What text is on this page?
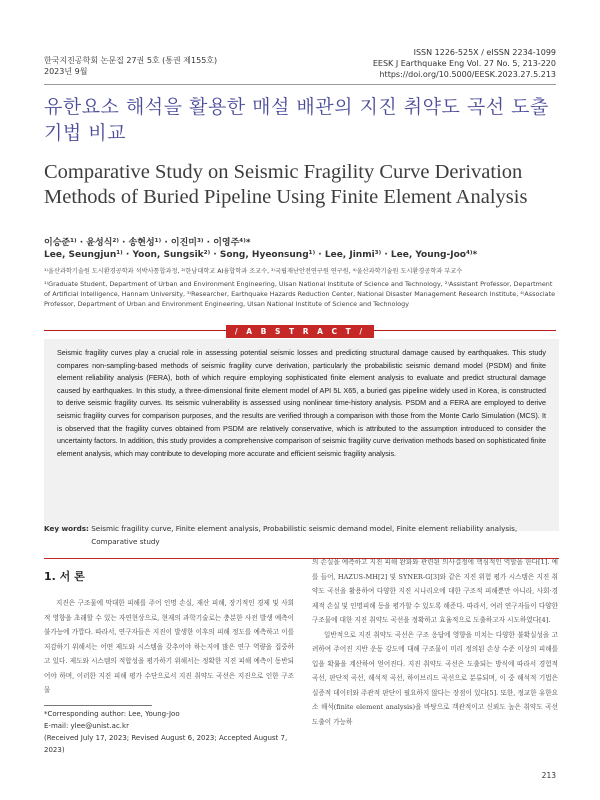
한국지진공학회 논문집 27권 5호 (통권 제155호)
2023년 9월
ISSN 1226-525X / eISSN 2234-1099
EESK J Earthquake Eng Vol. 27 No. 5, 213-220
https://doi.org/10.5000/EESK.2023.27.5.213
유한요소 해석을 활용한 매설 배관의 지진 취약도 곡선 도출 기법 비교
Comparative Study on Seismic Fragility Curve Derivation Methods of Buried Pipeline Using Finite Element Analysis
이승준¹⁾ · 윤성식²⁾ · 송현성¹⁾ · 이진미³⁾ · 이영주⁴⁾*
Lee, Seungjun¹⁾ · Yoon, Sungsik²⁾ · Song, Hyeonsung¹⁾ · Lee, Jinmi³⁾ · Lee, Young-Joo⁴⁾*
¹⁾울산과학기술원 도시환경공학과 석박사통합과정, ²⁾한남대학교 AI융합학과 조교수, ³⁾국립재난안전연구원 연구원, ⁴⁾울산과학기술원 도시환경공학과 부교수
¹⁾Graduate Student, Department of Urban and Environment Engineering, Ulsan National Institute of Science and Technology, ²⁾Assistant Professor, Department of Artificial Intelligence, Hannam University, ³⁾Researcher, Earthquake Hazards Reduction Center, National Disaster Management Research Institute, ⁴⁾Associate Professor, Department of Urban and Environment Engineering, Ulsan National Institute of Science and Technology
/ A B S T R A C T /
Seismic fragility curves play a crucial role in assessing potential seismic losses and predicting structural damage caused by earthquakes. This study compares non-sampling-based methods of seismic fragility curve derivation, particularly the probabilistic seismic demand model (PSDM) and finite element reliability analysis (FERA), both of which require employing sophisticated finite element analysis to evaluate and predict structural damage caused by earthquakes. In this study, a three-dimensional finite element model of API 5L X65, a buried gas pipeline widely used in Korea, is constructed to derive seismic fragility curves. Its seismic vulnerability is assessed using nonlinear time-history analysis. PSDM and a FERA are employed to derive seismic fragility curves for comparison purposes, and the results are verified through a comparison with those from the Monte Carlo Simulation (MCS). It is observed that the fragility curves obtained from PSDM are relatively conservative, which is attributed to the assumption introduced to consider the uncertainty factors. In addition, this study provides a comprehensive comparison of seismic fragility curve derivation methods based on sophisticated finite element analysis, which may contribute to developing more accurate and efficient seismic fragility analysis.
Key words: Seismic fragility curve, Finite element analysis, Probabilistic seismic demand model, Finite element reliability analysis, Comparative study
1. 서 론

지진은 구조물에 막대한 피해를 주어 인명 손실, 재산 피해, 장기적인 경제 및 사회적 영향을 초래할 수 있는 자연현상으로, 현재의 과학기술로는 충분한 사전 발생 예측이 불가능에 가깝다. 따라서, 연구자들은 지진이 발생한 이후의 피해 정도를 예측하고 이를 저감하기 위해서는 어떤 제도와 시스템을 갖추어야 하는지에 많은 연구 역량을 집중하고 있다. 제도와 시스템의 적합성을 평가하기 위해서는 정확한 지진 피해 예측이 동반되어야 하며, 이러한 지진 피해 평가 수단으로서 지진 취약도 곡선은 지진으로 인한 구조물

의 손실을 예측하고 지진 피해 완화와 관련된 의사결정에 핵심적인 역할을 한다[1]. 예를 들어, HAZUS-MH[2] 및 SYNER-G[3]와 같은 지진 위험 평가 시스템은 지진 취약도 곡선을 활용하여 다양한 지진 시나리오에 대한 구조적 피해뿐만 아니라, 사회·경제적 손실 및 인명피해 등을 평가할 수 있도록 해준다. 따라서, 여러 연구자들이 다양한 구조물에 대한 지진 취약도 곡선을 정확하고 효율적으로 도출하고자 시도하였다[4].

일반적으로 지진 취약도 곡선은 구조 응답에 영향을 미치는 다양한 불확실성을 고려하여 주어진 지반 운동 강도에 대해 구조물이 미리 정의된 손상 수준 이상의 피해를 입을 확률을 계산하여 얻어진다. 지진 취약도 곡선은 도출되는 방식에 따라서 경험적 곡선, 판단적 곡선, 해석적 곡선, 하이브리드 곡선으로 분류되며, 이 중 해석적 기법은 실증적 데이터와 주관적 판단이 필요하지 않다는 장점이 있다[5]. 또한, 정교한 유한요소 해석(finite element analysis)을 바탕으로 객관적이고 신뢰도 높은 취약도 곡선 도출이 가능하

*Corresponding author: Lee, Young-Joo
E-mail: ylee@unist.ac.kr
(Received July 17, 2023; Revised August 6, 2023; Accepted August 7, 2023)
213
